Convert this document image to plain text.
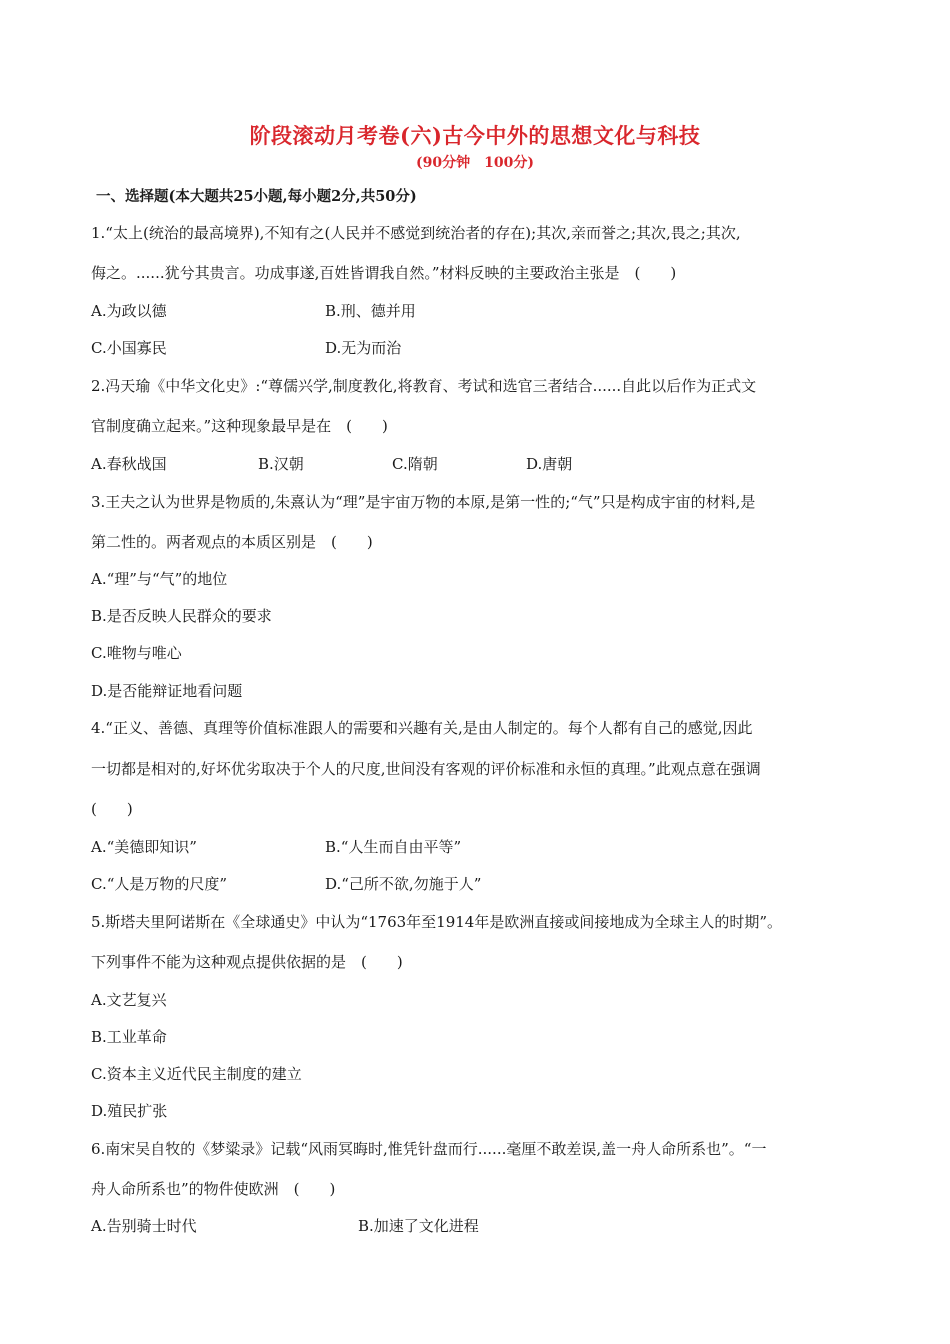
阶段滚动月考卷(六)古今中外的思想文化与科技
(90分钟　100分)
一、选择题(本大题共25小题,每小题2分,共50分)
1.“太上(统治的最高境界),不知有之(人民并不感觉到统治者的存在);其次,亲而誉之;其次,畏之;其次,
侮之。......犹兮其贵言。功成事遂,百姓皆谓我自然。”材料反映的主要政治主张是　(　　)
A.为政以德	B.刑、德并用
C.小国寡民	D.无为而治
2.冯天瑜《中华文化史》:“尊儒兴学,制度教化,将教育、考试和选官三者结合......自此以后作为正式文
官制度确立起来。”这种现象最早是在　(　　)
A.春秋战国	B.汉朝	C.隋朝	D.唐朝
3.王夫之认为世界是物质的,朱熹认为“理”是宇宙万物的本原,是第一性的;“气”只是构成宇宙的材料,是
第二性的。两者观点的本质区别是　(　　)
A.“理”与“气”的地位
B.是否反映人民群众的要求
C.唯物与唯心
D.是否能辩证地看问题
4.“正义、善德、真理等价值标准跟人的需要和兴趣有关,是由人制定的。每个人都有自己的感觉,因此
一切都是相对的,好坏优劣取决于个人的尺度,世间没有客观的评价标准和永恒的真理。”此观点意在强调
(　　)
A.“美德即知识”	B.“人生而自由平等”
C.“人是万物的尺度”	D.“己所不欲,勿施于人”
5.斯塔夫里阿诺斯在《全球通史》中认为“1763年至1914年是欧洲直接或间接地成为全球主人的时期”。
下列事件不能为这种观点提供依据的是　(　　)
A.文艺复兴
B.工业革命
C.资本主义近代民主制度的建立
D.殖民扩张
6.南宋吴自牧的《梦粱录》记载“风雨冥晦时,惟凭针盘而行......毫厘不敢差误,盖一舟人命所系也”。“一
舟人命所系也”的物件使欧洲　(　　)
A.告别骑士时代	B.加速了文化进程
